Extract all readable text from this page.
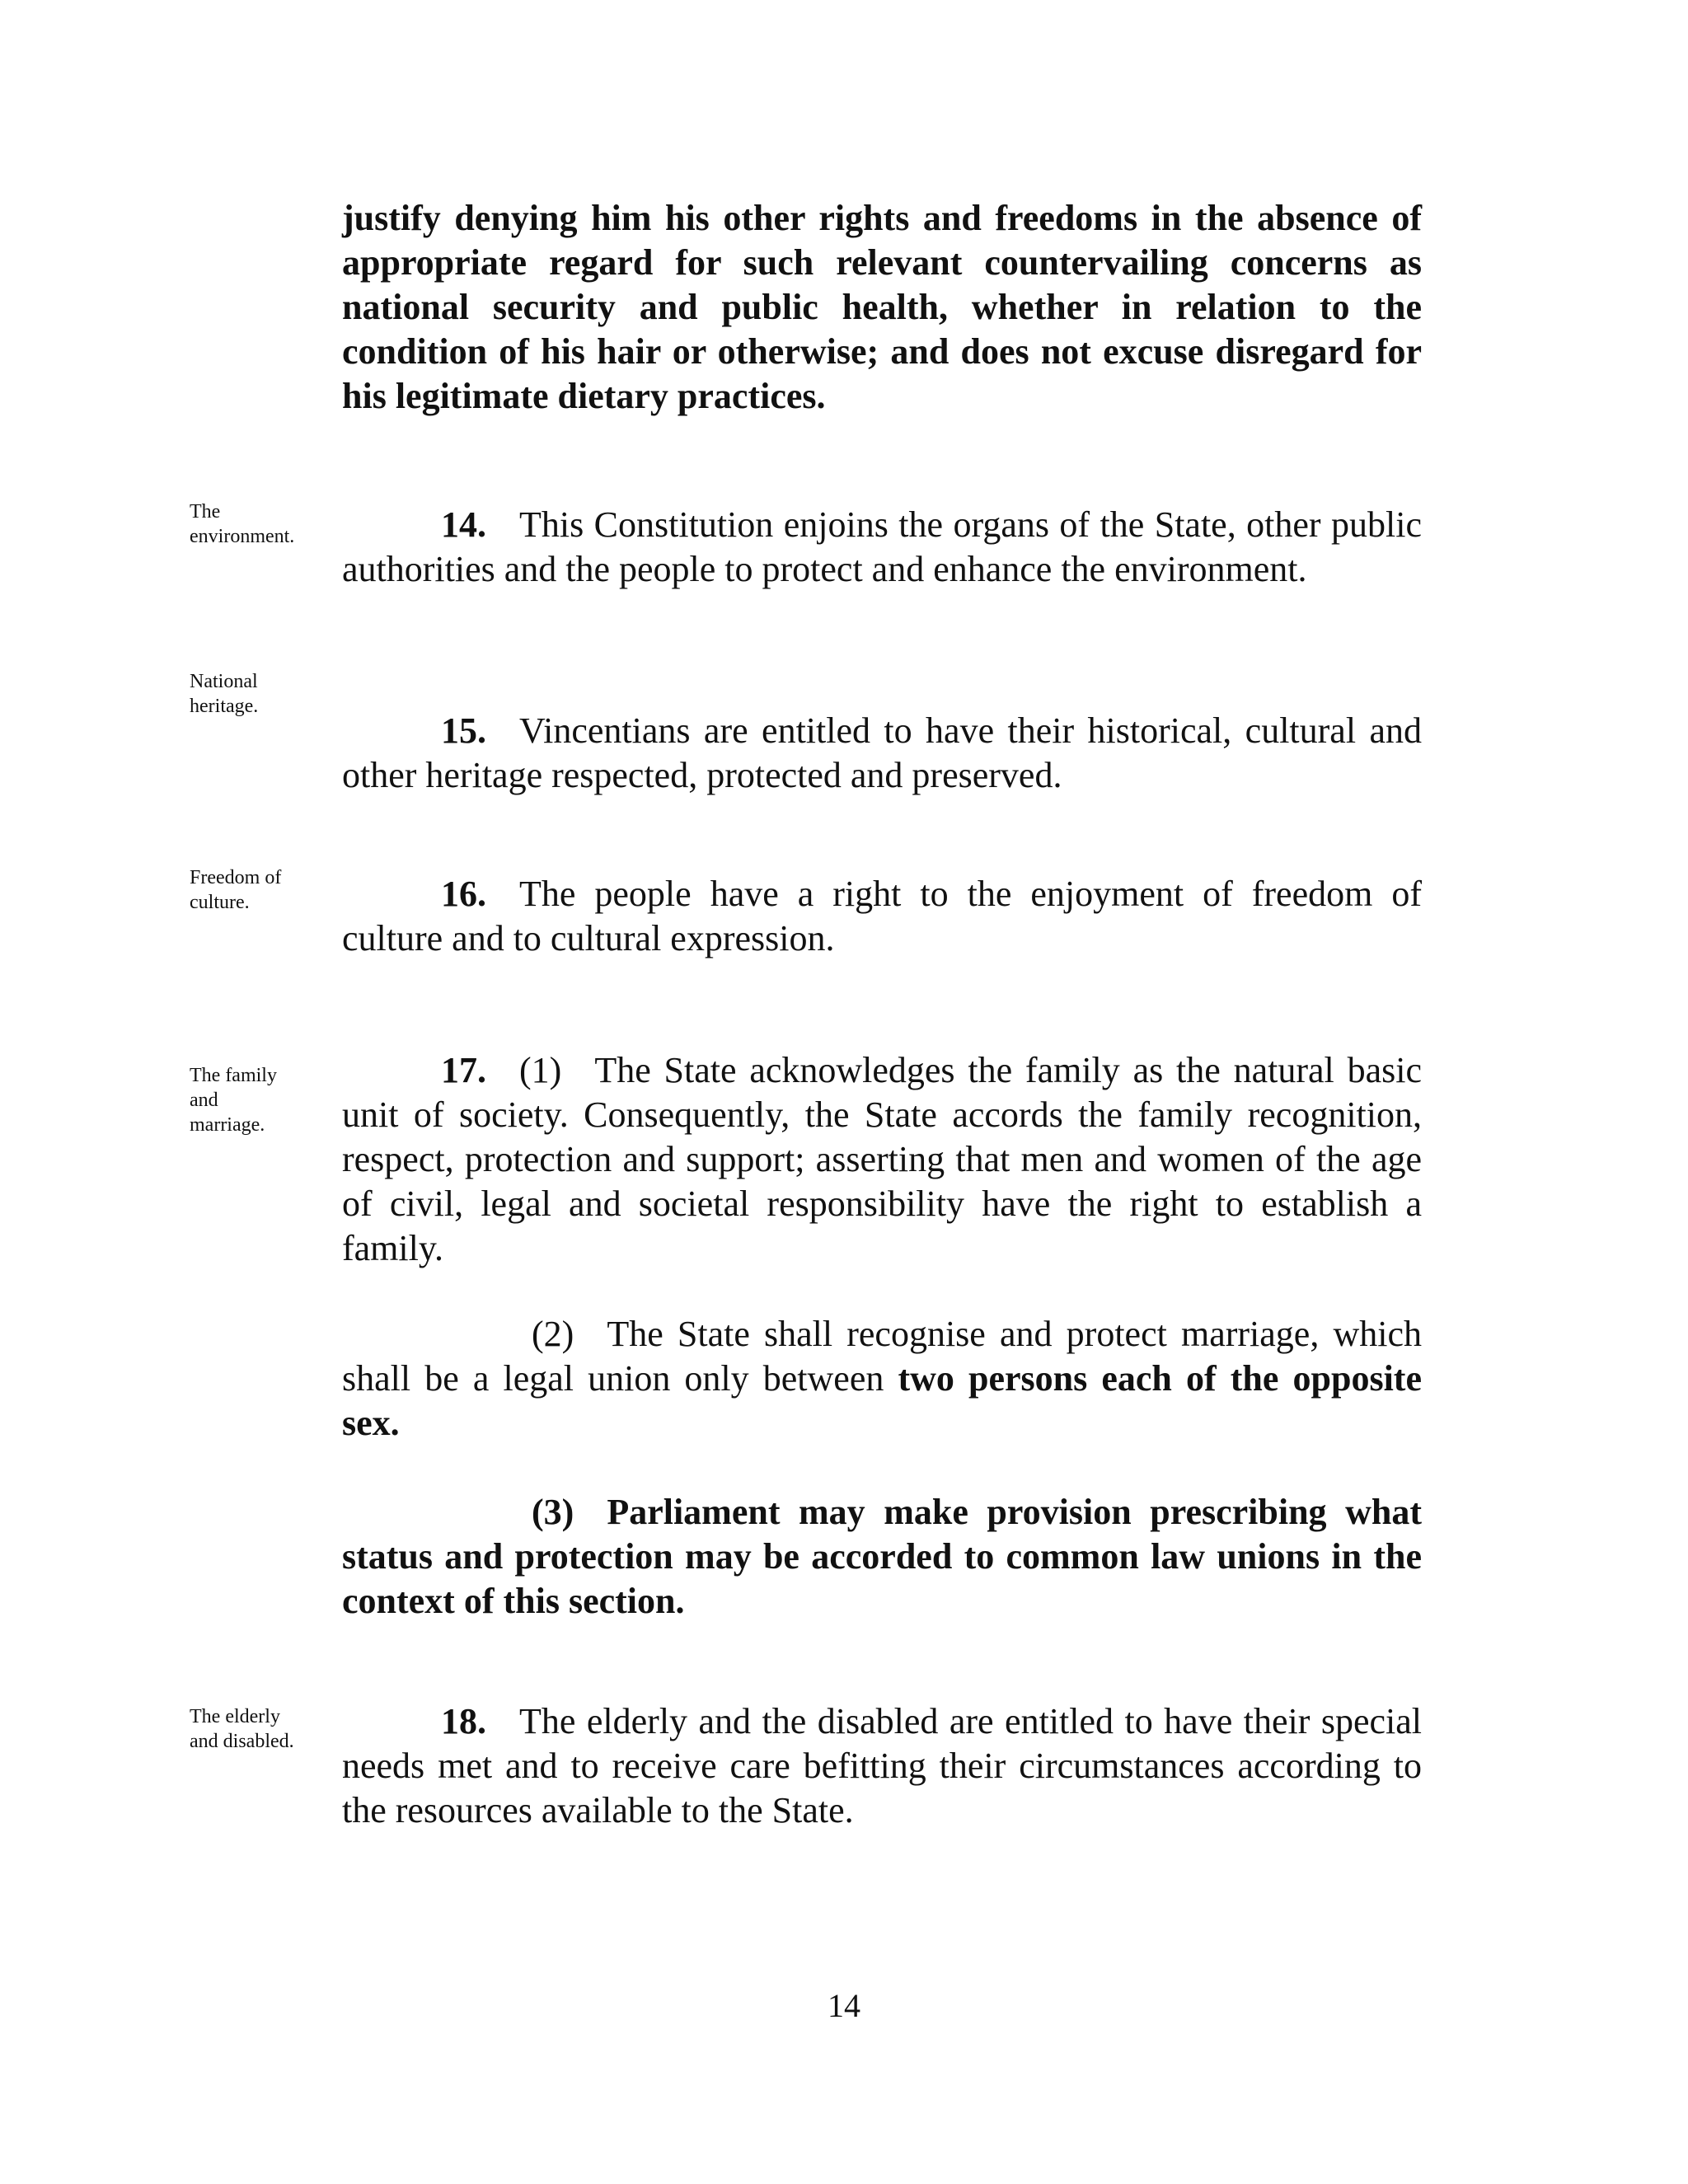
justify denying him his other rights and freedoms in the absence of appropriate regard for such relevant countervailing concerns as national security and public health, whether in relation to the condition of his hair or otherwise; and does not excuse disregard for his legitimate dietary practices.

The
environment.	14. This Constitution enjoins the organs of the State, other public authorities and the people to protect and enhance the environment.

National
heritage.

15. Vincentians are entitled to have their historical, cultural and other heritage respected, protected and preserved.

Freedom of
culture.	16. The people have a right to the enjoyment of freedom of culture and to cultural expression.

The family
and
marriage.

17. (1) The State acknowledges the family as the natural basic unit of society. Consequently, the State accords the family recognition, respect, protection and support; asserting that men and women of the age of civil, legal and societal responsibility have the right to establish a family.

(2) The State shall recognise and protect marriage, which shall be a legal union only between two persons each of the opposite sex.

(3) Parliament may make provision prescribing what status and protection may be accorded to common law unions in the context of this section.

The elderly
and disabled.	18. The elderly and the disabled are entitled to have their special needs met and to receive care befitting their circumstances according to the resources available to the State.

14
